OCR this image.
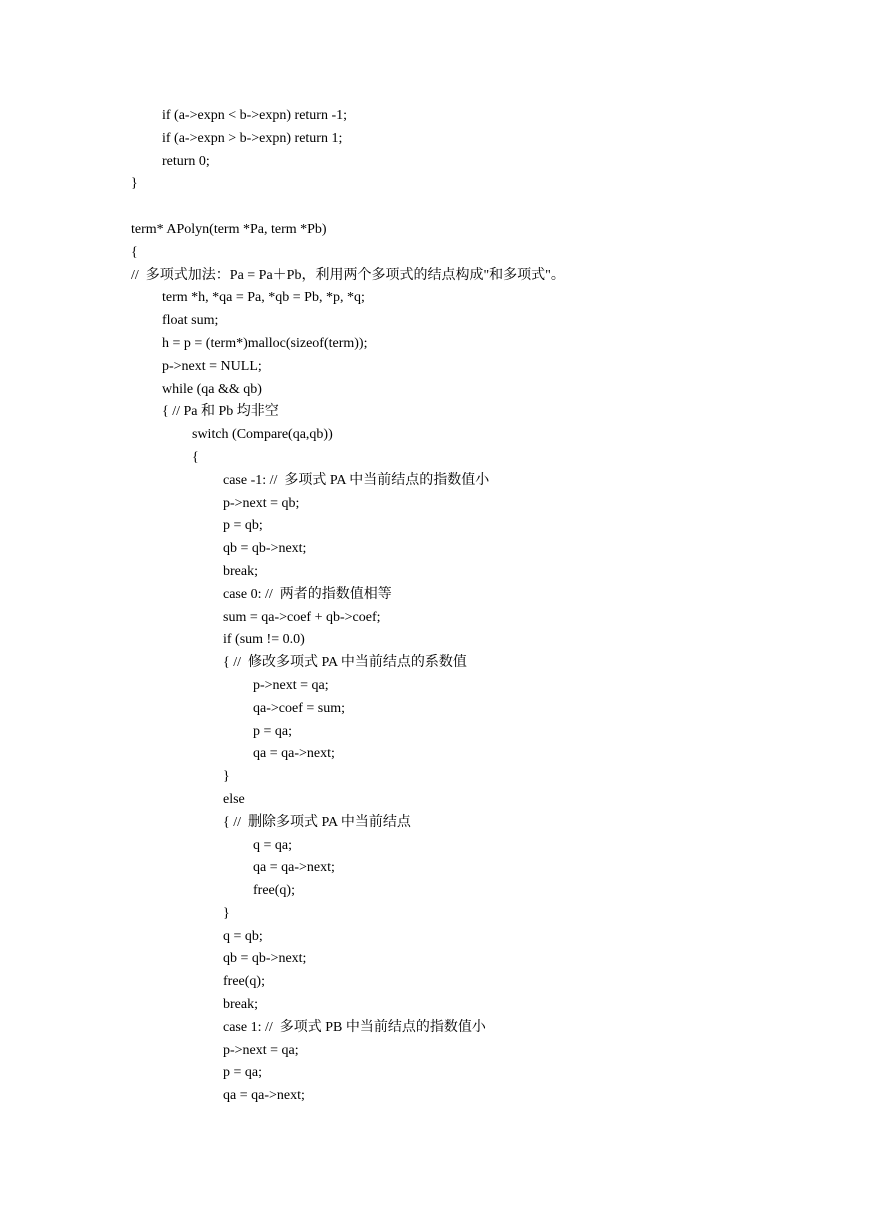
if (a->expn < b->expn) return -1;
if (a->expn > b->expn) return 1;
return 0;
}
term* APolyn(term *Pa, term *Pb)
{
//  多项式加法：Pa = Pa＋Pb，利用两个多项式的结点构成"和多项式"。
term *h, *qa = Pa, *qb = Pb, *p, *q;
float sum;
h = p = (term*)malloc(sizeof(term));
p->next = NULL;
while (qa && qb)
{ // Pa 和 Pb 均非空
switch (Compare(qa,qb))
{
case -1: //  多项式 PA 中当前结点的指数值小
p->next = qb;
p = qb;
qb = qb->next;
break;
case 0: //  两者的指数值相等
sum = qa->coef + qb->coef;
if (sum != 0.0)
{ //  修改多项式 PA 中当前结点的系数值
p->next = qa;
qa->coef = sum;
p = qa;
qa = qa->next;
}
else
{ //  删除多项式 PA 中当前结点
q = qa;
qa = qa->next;
free(q);
}
q = qb;
qb = qb->next;
free(q);
break;
case 1: //  多项式 PB 中当前结点的指数值小
p->next = qa;
p = qa;
qa = qa->next;
